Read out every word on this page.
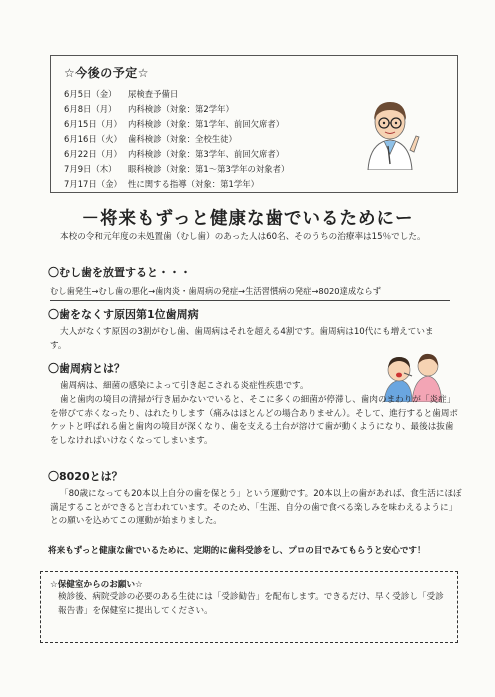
☆今後の予定☆
6月5日（金） 尿検査予備日
6月8日（月） 内科検診（対象：第2学年）
6月15日（月） 内科検診（対象：第1学年、前回欠席者）
6月16日（火） 歯科検診（対象：全校生徒）
6月22日（月） 内科検診（対象：第3学年、前回欠席者）
7月9日（木） 眼科検診（対象：第1～第3学年の対象者）
7月17日（金） 性に関する指導（対象：第1学年）
－将来もずっと健康な歯でいるためにー
本校の令和元年度の未処置歯（むし歯）のあった人は60名、そのうちの治療率は15％でした。
〇むし歯を放置すると・・・
むし歯発生→むし歯の悪化→歯肉炎・歯周病の発症→生活習慣病の発症→8020達成ならず
〇歯をなくす原因第1位歯周病
大人がなくす原因の3割がむし歯、歯周病はそれを超える4割です。歯周病は10代にも増えています。
〇歯周病とは？
歯周病は、細菌の感染によって引き起こされる炎症性疾患です。
歯と歯肉の境目の清掃が行き届かないでいると、そこに多くの細菌が停滞し、歯肉のまわりが「炎症」を帯びて赤くなったり、はれたりします（痛みはほとんどの場合ありません）。そして、進行すると歯周ポケットと呼ばれる歯と歯肉の境目が深くなり、歯を支える土台が溶けて歯が動くようになり、最後は抜歯をしなければいけなくなってしまいます。
〇8020とは？
「80歳になっても20本以上自分の歯を保とう」という運動です。20本以上の歯があれば、食生活にほぼ満足することができると言われています。そのため、「生涯、自分の歯で食べる楽しみを味わえるように」との願いを込めてこの運動が始まりました。
将来もずっと健康な歯でいるために、定期的に歯科受診をし、プロの目でみてもらうと安心です！
☆保健室からのお願い☆
検診後、病院受診の必要のある生徒には「受診勧告」を配布します。できるだけ、早く受診し「受診報告書」を保健室に提出してください。
